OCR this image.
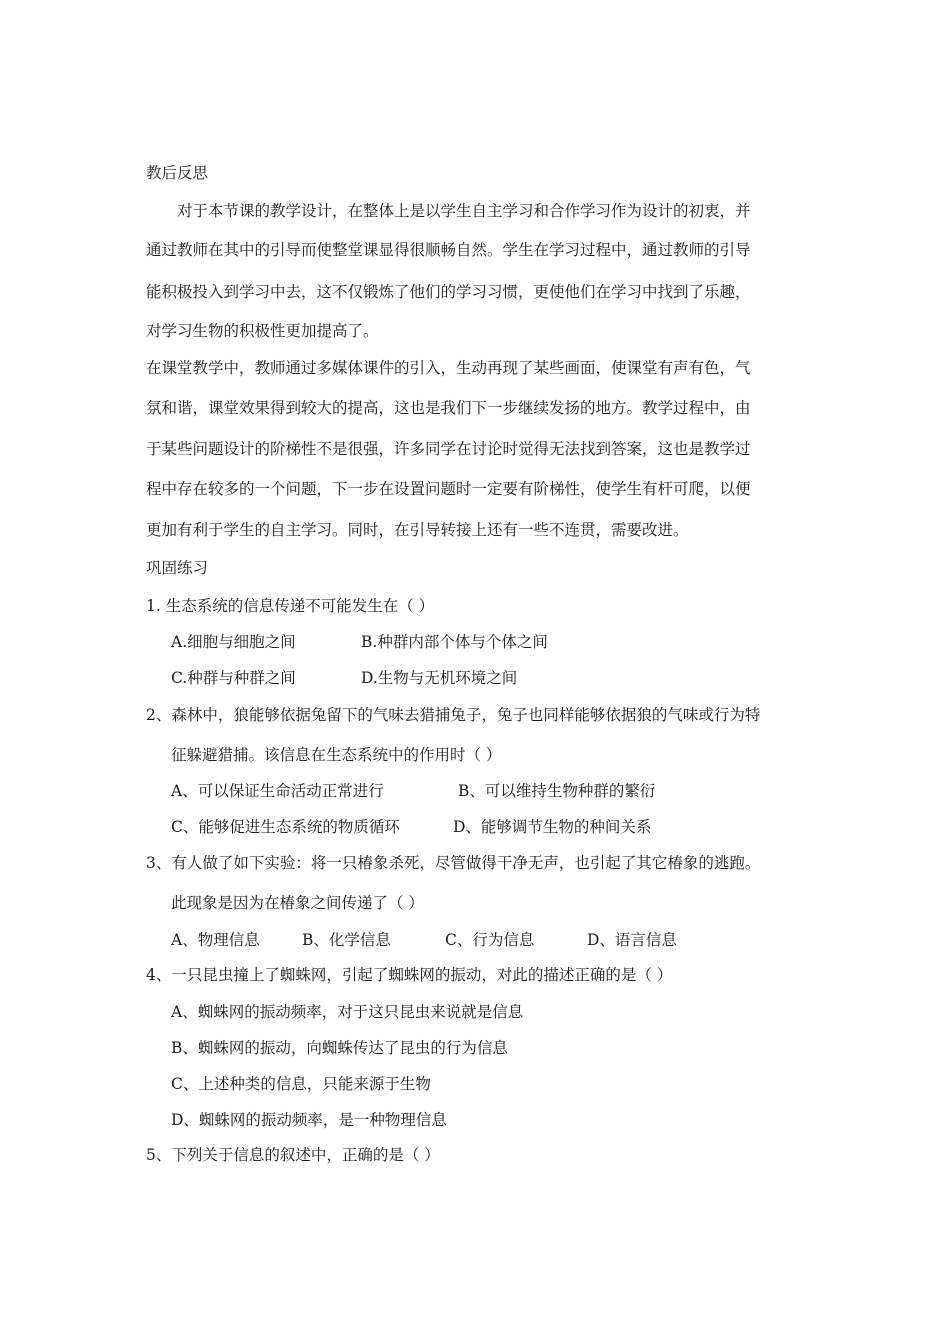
教后反思
对于本节课的教学设计，在整体上是以学生自主学习和合作学习作为设计的初衷，并
通过教师在其中的引导而使整堂课显得很顺畅自然。学生在学习过程中，通过教师的引导
能积极投入到学习中去，这不仅锻炼了他们的学习习惯，更使他们在学习中找到了乐趣，
对学习生物的积极性更加提高了。
在课堂教学中，教师通过多媒体课件的引入，生动再现了某些画面，使课堂有声有色，气
氛和谐，课堂效果得到较大的提高，这也是我们下一步继续发扬的地方。教学过程中，由
于某些问题设计的阶梯性不是很强，许多同学在讨论时觉得无法找到答案，这也是教学过
程中存在较多的一个问题，下一步在设置问题时一定要有阶梯性，使学生有杆可爬，以便
更加有利于学生的自主学习。同时，在引导转接上还有一些不连贯，需要改进。
巩固练习
1. 生态系统的信息传递不可能发生在（ ）
A.细胞与细胞之间	B.种群内部个体与个体之间
C.种群与种群之间	D.生物与无机环境之间
2、森林中，狼能够依据兔留下的气味去猎捕兔子，兔子也同样能够依据狼的气味或行为特
征躲避猎捕。该信息在生态系统中的作用时（ ）
A、可以保证生命活动正常进行	B、可以维持生物种群的繁衍
C、能够促进生态系统的物质循环	D、能够调节生物的种间关系
3、有人做了如下实验：将一只椿象杀死，尽管做得干净无声，也引起了其它椿象的逃跑。
此现象是因为在椿象之间传递了（ ）
A、物理信息	B、化学信息	C、行为信息	D、语言信息
4、一只昆虫撞上了蜘蛛网，引起了蜘蛛网的振动，对此的描述正确的是（ ）
A、蜘蛛网的振动频率，对于这只昆虫来说就是信息
B、蜘蛛网的振动，向蜘蛛传达了昆虫的行为信息
C、上述种类的信息，只能来源于生物
D、蜘蛛网的振动频率，是一种物理信息
5、下列关于信息的叙述中，正确的是（ ）
